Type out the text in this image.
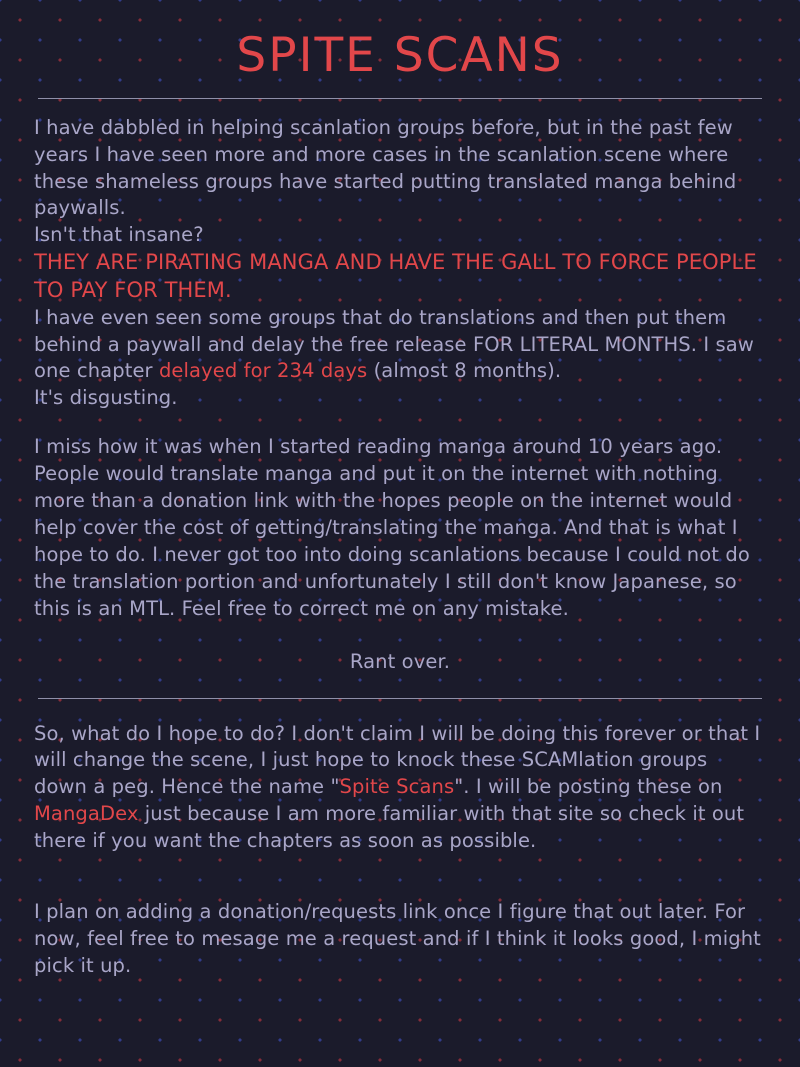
SPITE SCANS

I have dabbled in helping scanlation groups before, but in the past few years I have seen more and more cases in the scanlation scene where these shameless groups have started putting translated manga behind paywalls.

Isn't that insane?

THEY ARE PIRATING MANGA AND HAVE THE GALL TO FORCE PEOPLE TO PAY FOR THEM.

I have even seen some groups that do translations and then put them behind a paywall and delay the free release FOR LITERAL MONTHS. I saw one chapter delayed for 234 days (almost 8 months).

It's disgusting.

I miss how it was when I started reading manga around 10 years ago. People would translate manga and put it on the internet with nothing more than a donation link with the hopes people on the internet would help cover the cost of getting/translating the manga. And that is what I hope to do. I never got too into doing scanlations because I could not do the translation portion and unfortunately I still don't know Japanese, so this is an MTL. Feel free to correct me on any mistake.

Rant over.

So, what do I hope to do? I don't claim I will be doing this forever or that I will change the scene, I just hope to knock these SCAMlation groups down a peg. Hence the name "Spite Scans". I will be posting these on MangaDex just because I am more familiar with that site so check it out there if you want the chapters as soon as possible.

I plan on adding a donation/requests link once I figure that out later. For now, feel free to mesage me a request and if I think it looks good, I might pick it up.
